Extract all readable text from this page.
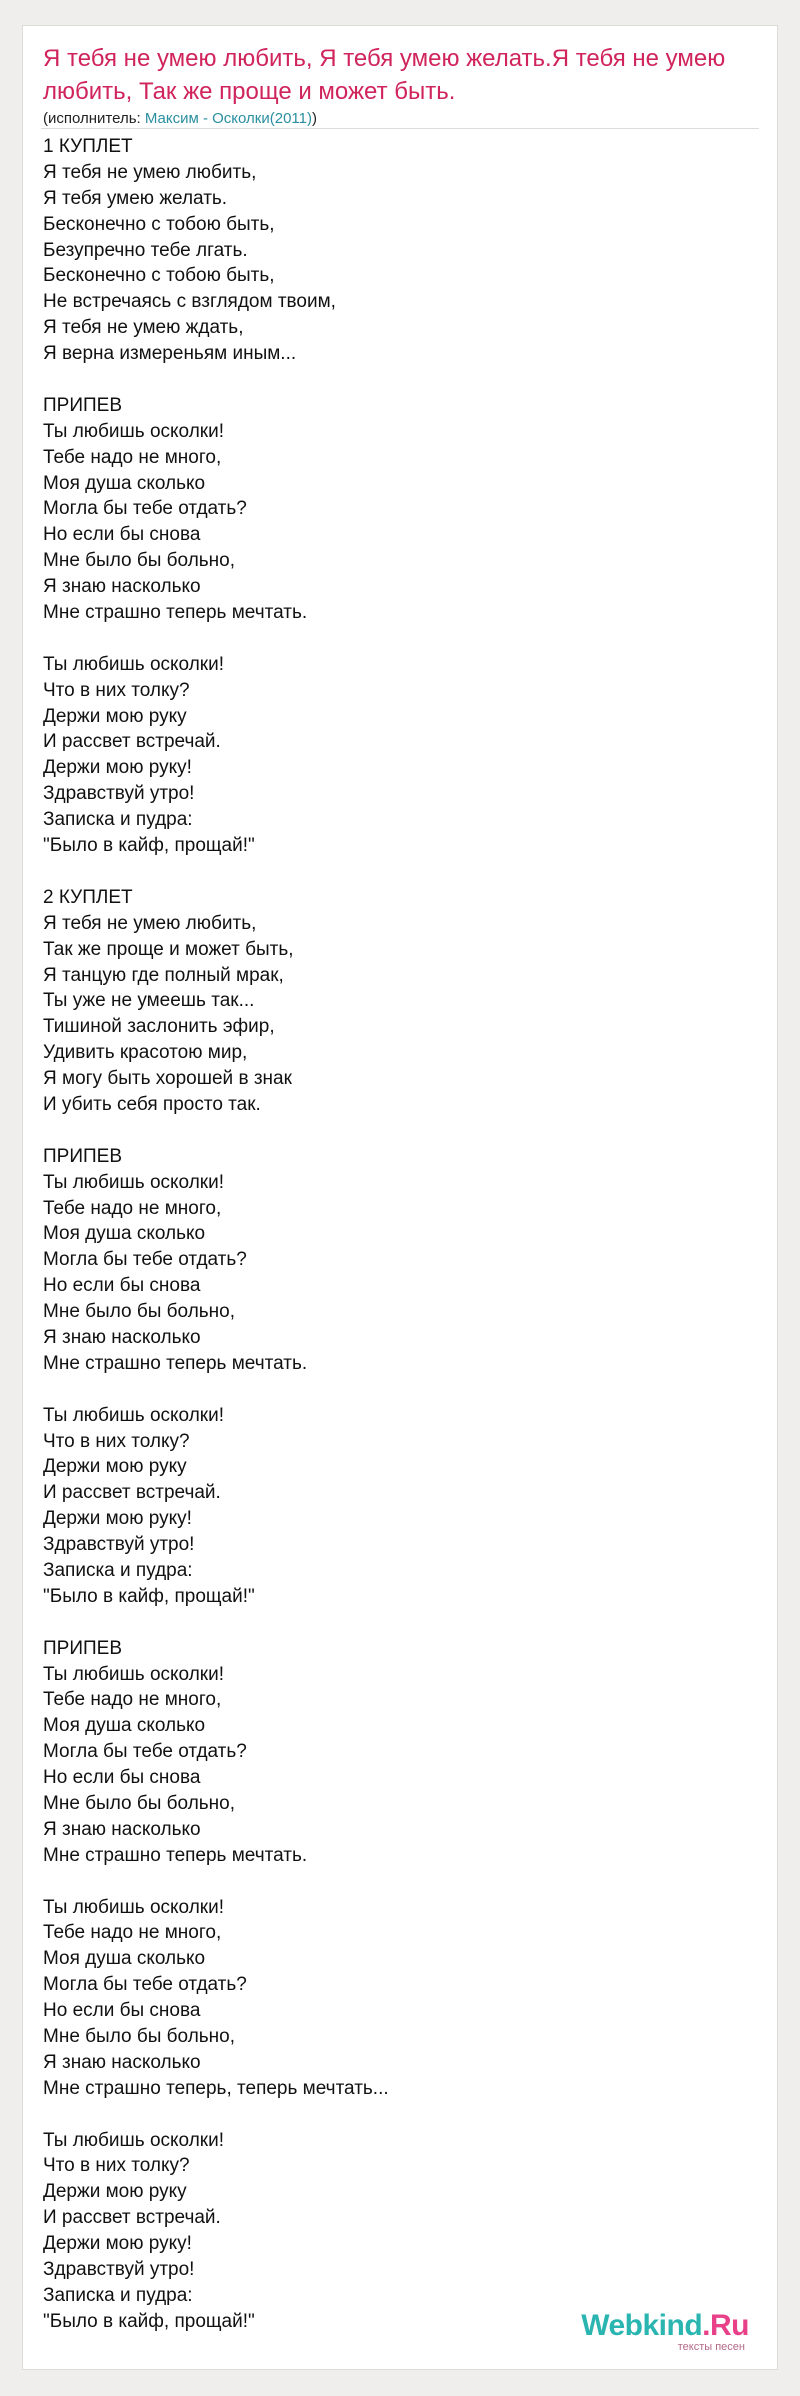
Я тебя не умею любить, Я тебя умею желать.Я тебя не умею любить, Так же проще и может быть.
(исполнитель: Максим - Осколки(2011))
1 КУПЛЕТ
Я тебя не умею любить,
Я тебя умею желать.
Бесконечно с тобою быть,
Безупречно тебе лгать.
Бесконечно с тобою быть,
Не встречаясь с взглядом твоим,
Я тебя не умею ждать,
Я верна измереньям иным...
ПРИПЕВ
Ты любишь осколки!
Тебе надо не много,
Моя душа сколько
Могла бы тебе отдать?
Но если бы снова
Мне было бы больно,
Я знаю насколько
Мне страшно теперь мечтать.
Ты любишь осколки!
Что в них толку?
Держи мою руку
И рассвет встречай.
Держи мою руку!
Здравствуй утро!
Записка и пудра:
"Было в кайф, прощай!"
2 КУПЛЕТ
Я тебя не умею любить,
Так же проще и может быть,
Я танцую где полный мрак,
Ты уже не умеешь так...
Тишиной заслонить эфир,
Удивить красотою мир,
Я могу быть хорошей в знак
И убить себя просто так.
ПРИПЕВ
Ты любишь осколки!
Тебе надо не много,
Моя душа сколько
Могла бы тебе отдать?
Но если бы снова
Мне было бы больно,
Я знаю насколько
Мне страшно теперь мечтать.
Ты любишь осколки!
Что в них толку?
Держи мою руку
И рассвет встречай.
Держи мою руку!
Здравствуй утро!
Записка и пудра:
"Было в кайф, прощай!"
ПРИПЕВ
Ты любишь осколки!
Тебе надо не много,
Моя душа сколько
Могла бы тебе отдать?
Но если бы снова
Мне было бы больно,
Я знаю насколько
Мне страшно теперь мечтать.
Ты любишь осколки!
Тебе надо не много,
Моя душа сколько
Могла бы тебе отдать?
Но если бы снова
Мне было бы больно,
Я знаю насколько
Мне страшно теперь, теперь мечтать...
Ты любишь осколки!
Что в них толку?
Держи мою руку
И рассвет встречай.
Держи мою руку!
Здравствуй утро!
Записка и пудра:
"Было в кайф, прощай!"	Webkind.Ru
тексты песен
